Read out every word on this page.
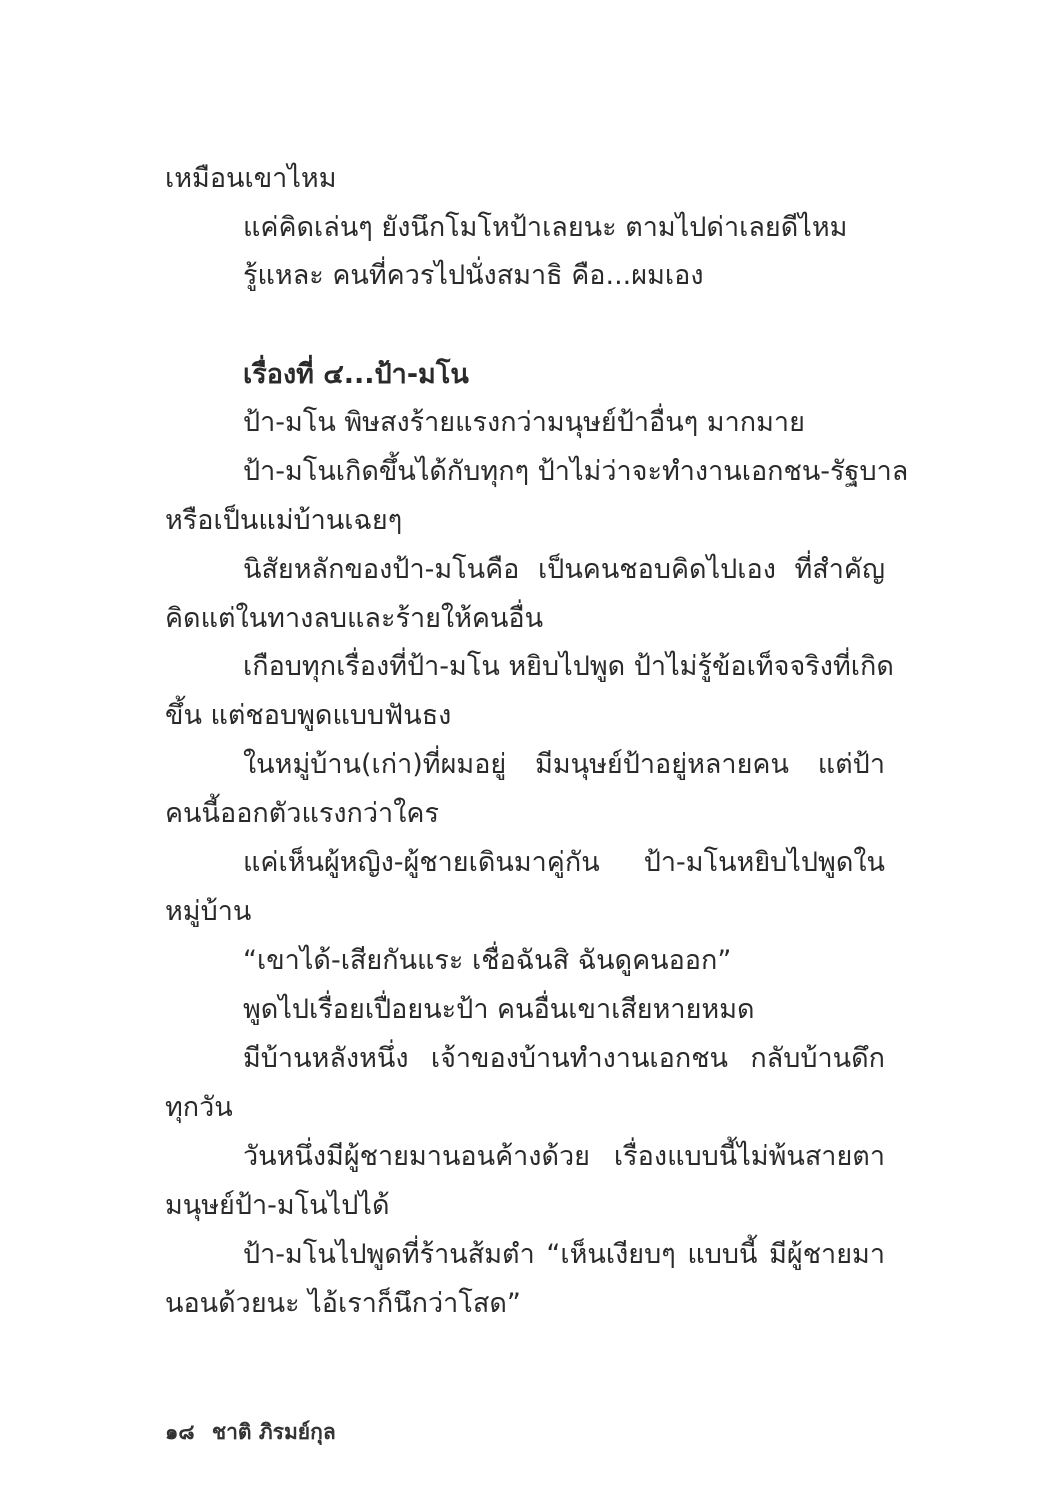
เหมือนเขาไหม
แค่คิดเล่นๆ ยังนึกโมโหป้าเลยนะ ตามไปด่าเลยดีไหม
รู้แหละ คนที่ควรไปนั่งสมาธิ คือ...ผมเอง
เรื่องที่ ๔...ป้า-มโน
ป้า-มโน พิษสงร้ายแรงกว่ามนุษย์ป้าอื่นๆ มากมาย
ป้า-มโนเกิดขึ้นได้กับทุกๆ ป้าไม่ว่าจะทำงานเอกชน-รัฐบาล
หรือเป็นแม่บ้านเฉยๆ
นิสัยหลักของป้า-มโนคือ เป็นคนชอบคิดไปเอง ที่สำคัญ
คิดแต่ในทางลบและร้ายให้คนอื่น
เกือบทุกเรื่องที่ป้า-มโน หยิบไปพูด ป้าไม่รู้ข้อเท็จจริงที่เกิด
ขึ้น แต่ชอบพูดแบบฟันธง
ในหมู่บ้าน(เก่า)ที่ผมอยู่ มีมนุษย์ป้าอยู่หลายคน แต่ป้า
คนนี้ออกตัวแรงกว่าใคร
แค่เห็นผู้หญิง-ผู้ชายเดินมาคู่กัน ป้า-มโนหยิบไปพูดใน
หมู่บ้าน
“เขาได้-เสียกันแระ เชื่อฉันสิ ฉันดูคนออก”
พูดไปเรื่อยเปื่อยนะป้า คนอื่นเขาเสียหายหมด
มีบ้านหลังหนึ่ง เจ้าของบ้านทำงานเอกชน กลับบ้านดึก
ทุกวัน
วันหนึ่งมีผู้ชายมานอนค้างด้วย เรื่องแบบนี้ไม่พ้นสายตา
มนุษย์ป้า-มโนไปได้
ป้า-มโนไปพูดที่ร้านส้มตำ “เห็นเงียบๆ แบบนี้ มีผู้ชายมา
นอนด้วยนะ ไอ้เราก็นึกว่าโสด”
๑๘ ชาติ ภิรมย์กุล
